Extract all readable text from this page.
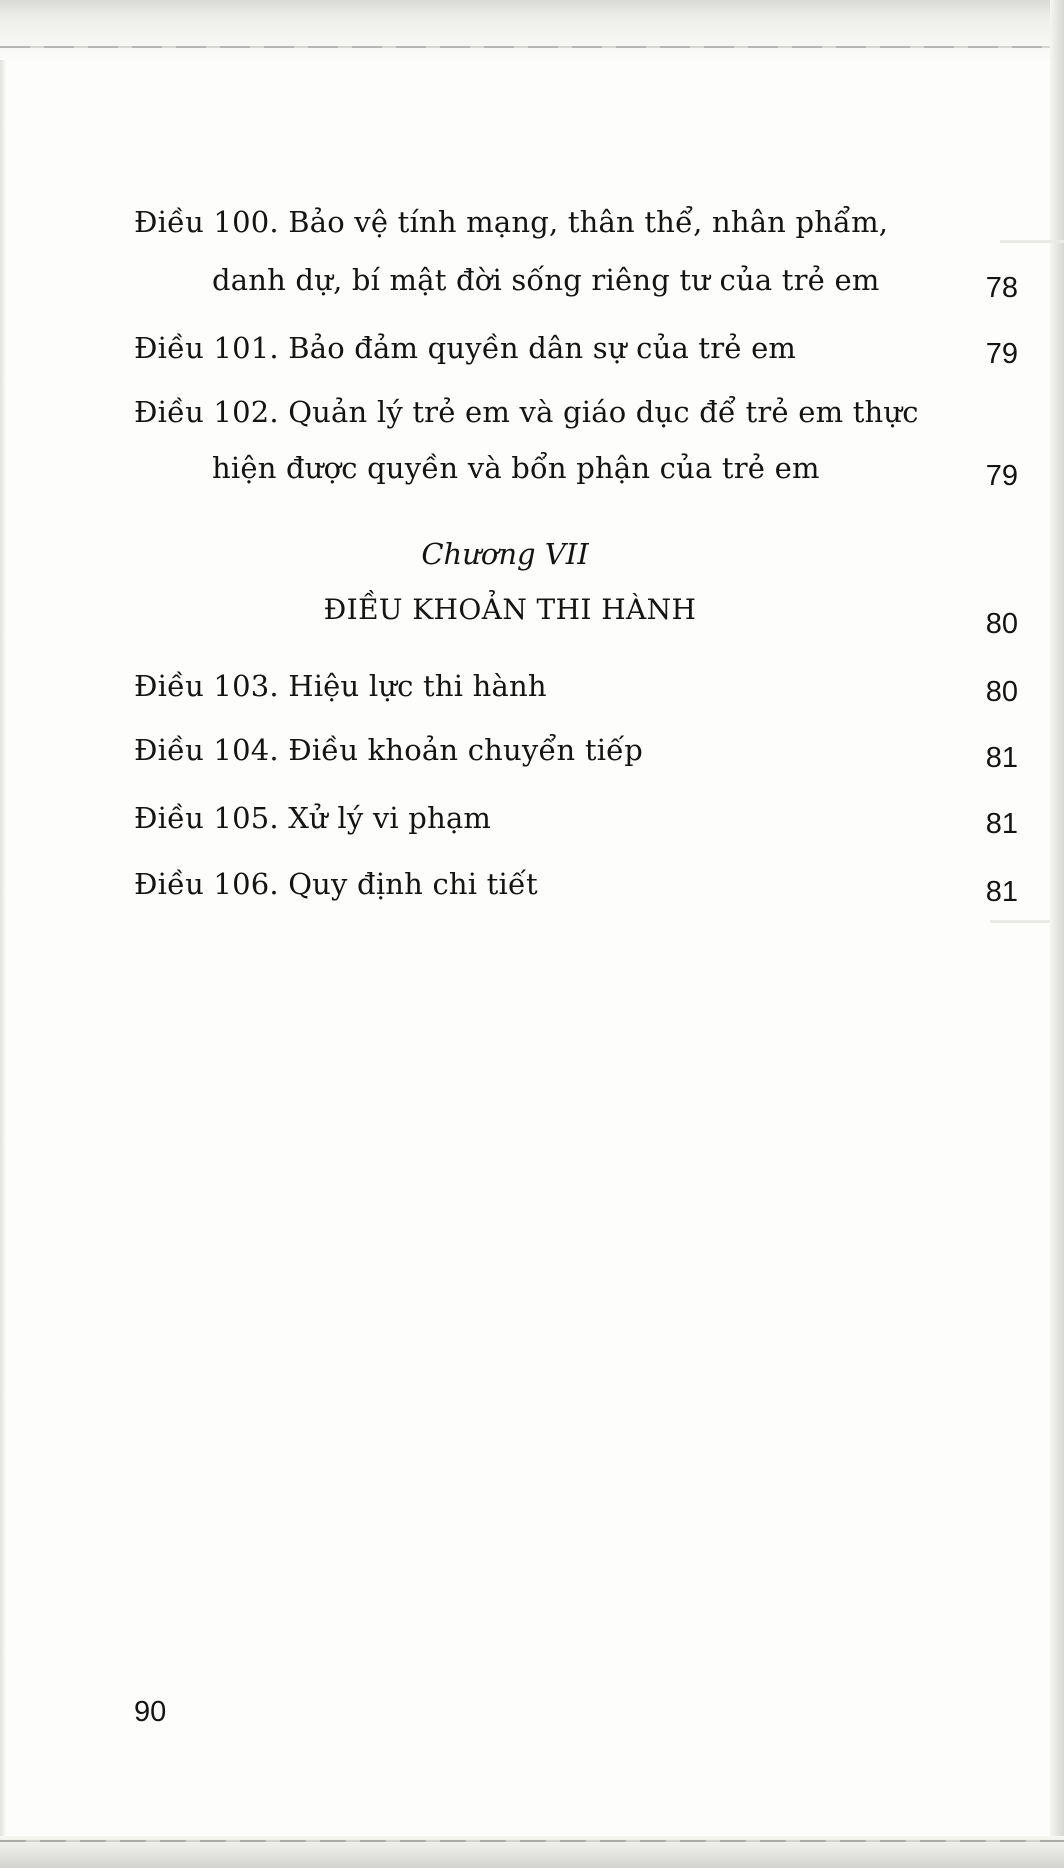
Điều 100. Bảo vệ tính mạng, thân thể, nhân phẩm,
danh dự, bí mật đời sống riêng tư của trẻ em	78
Điều 101. Bảo đảm quyền dân sự của trẻ em	79
Điều 102. Quản lý trẻ em và giáo dục để trẻ em thực
hiện được quyền và bổn phận của trẻ em	79
Chương VII
ĐIỀU KHOẢN THI HÀNH	80
Điều 103. Hiệu lực thi hành	80
Điều 104. Điều khoản chuyển tiếp	81
Điều 105. Xử lý vi phạm	81
Điều 106. Quy định chi tiết	81
90
